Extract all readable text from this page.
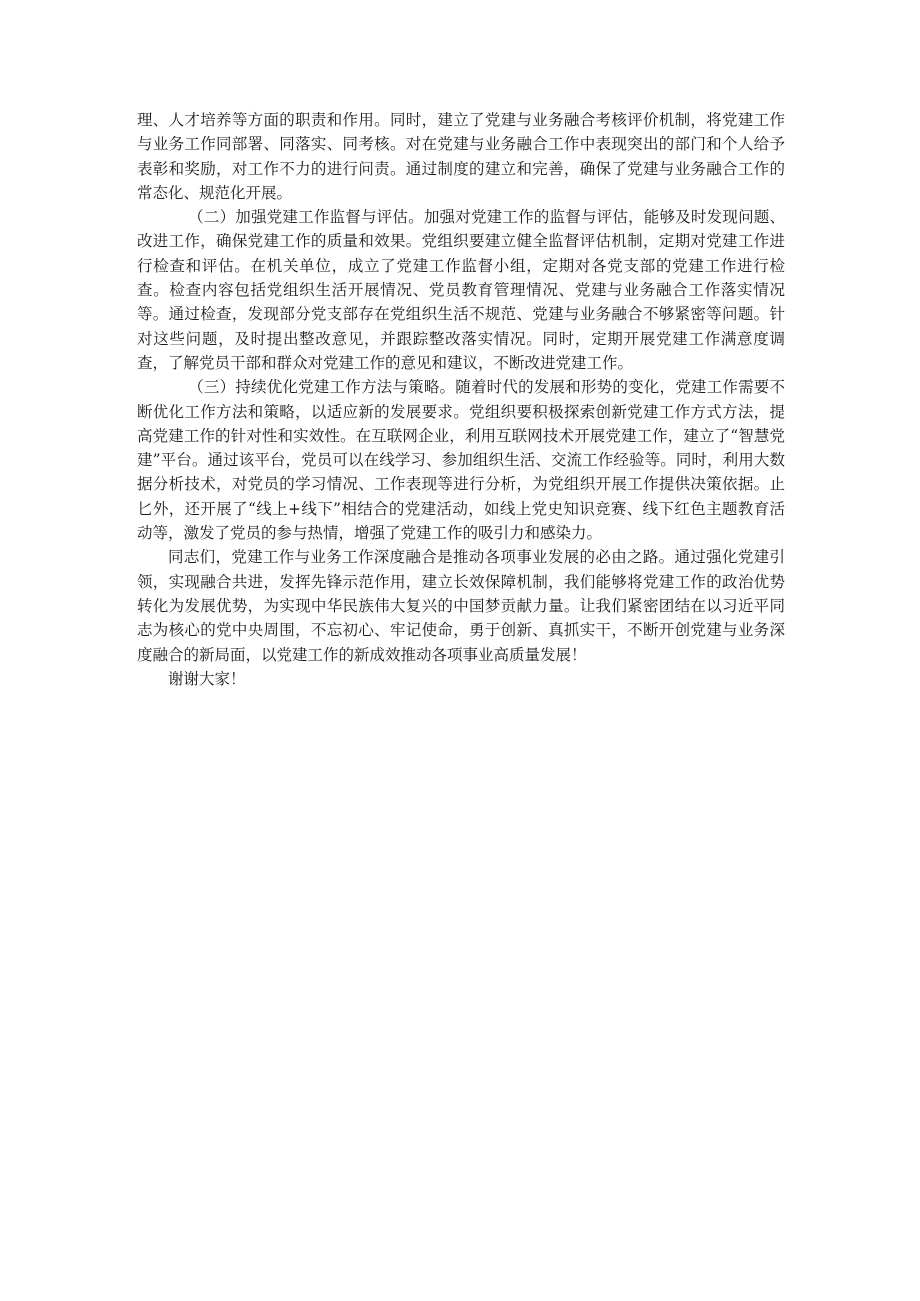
理、人才培养等方面的职责和作用。同时，建立了党建与业务融合考核评价机制，将党建工作与业务工作同部署、同落实、同考核。对在党建与业务融合工作中表现突出的部门和个人给予表彰和奖励，对工作不力的进行问责。通过制度的建立和完善，确保了党建与业务融合工作的常态化、规范化开展。

（二）加强党建工作监督与评估。加强对党建工作的监督与评估，能够及时发现问题、改进工作，确保党建工作的质量和效果。党组织要建立健全监督评估机制，定期对党建工作进行检查和评估。在机关单位，成立了党建工作监督小组，定期对各党支部的党建工作进行检查。检查内容包括党组织生活开展情况、党员教育管理情况、党建与业务融合工作落实情况等。通过检查，发现部分党支部存在党组织生活不规范、党建与业务融合不够紧密等问题。针对这些问题，及时提出整改意见，并跟踪整改落实情况。同时，定期开展党建工作满意度调查，了解党员干部和群众对党建工作的意见和建议，不断改进党建工作。

（三）持续优化党建工作方法与策略。随着时代的发展和形势的变化，党建工作需要不断优化工作方法和策略，以适应新的发展要求。党组织要积极探索创新党建工作方式方法，提高党建工作的针对性和实效性。在互联网企业，利用互联网技术开展党建工作，建立了“智慧党建”平台。通过该平台，党员可以在线学习、参加组织生活、交流工作经验等。同时，利用大数据分析技术，对党员的学习情况、工作表现等进行分析，为党组织开展工作提供决策依据。止匕外，还开展了“线上+线下”相结合的党建活动，如线上党史知识竞赛、线下红色主题教育活动等，激发了党员的参与热情，增强了党建工作的吸引力和感染力。

同志们，党建工作与业务工作深度融合是推动各项事业发展的必由之路。通过强化党建引领，实现融合共进，发挥先锋示范作用，建立长效保障机制，我们能够将党建工作的政治优势转化为发展优势，为实现中华民族伟大复兴的中国梦贡献力量。让我们紧密团结在以习近平同志为核心的党中央周围，不忘初心、牢记使命，勇于创新、真抓实干，不断开创党建与业务深度融合的新局面，以党建工作的新成效推动各项事业高质量发展！

谢谢大家！
